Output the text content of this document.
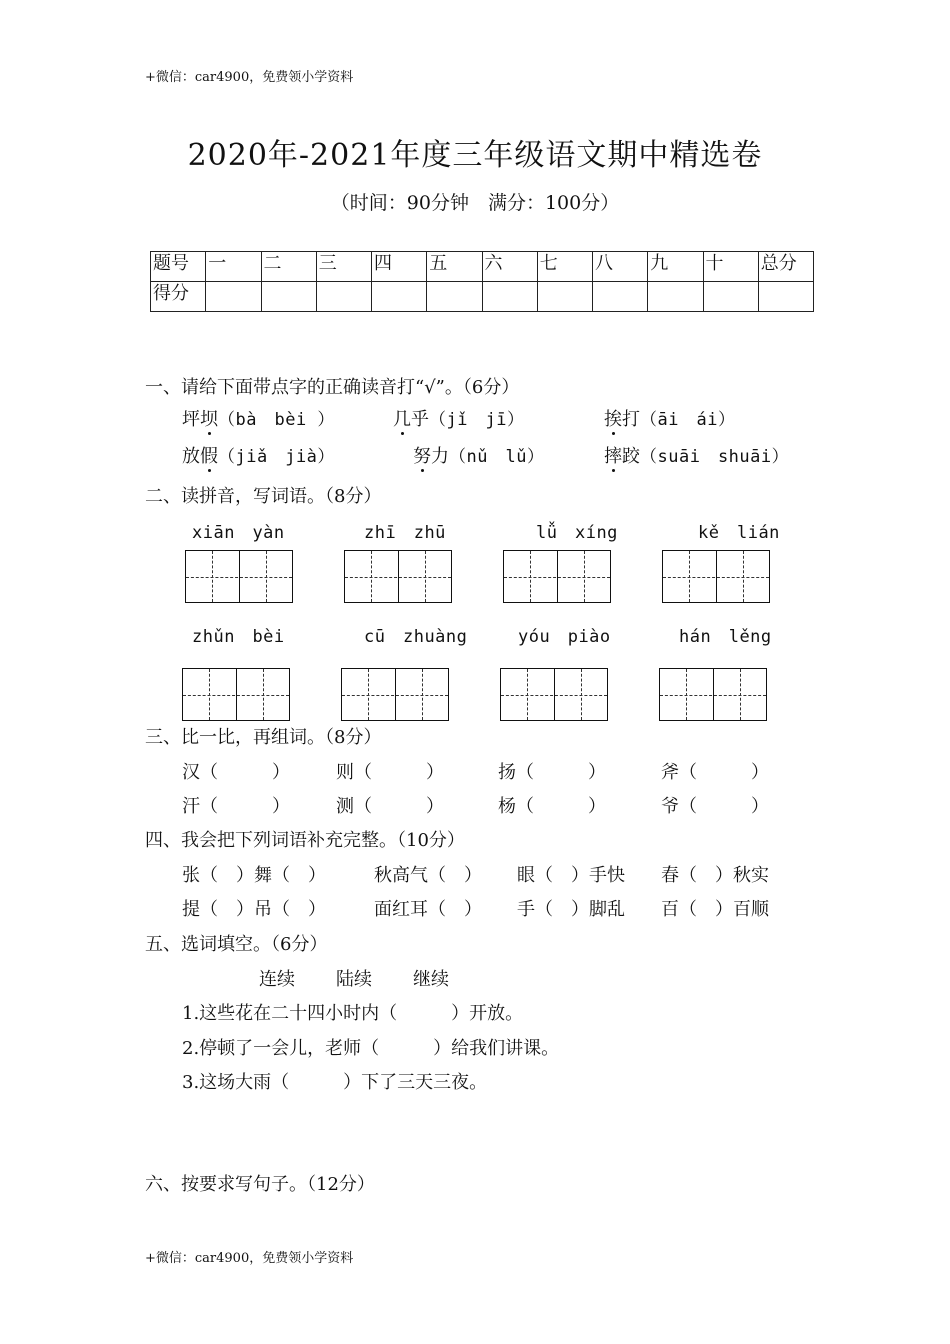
+微信：car4900，免费领小学资料
2020年-2021年度三年级语文期中精选卷
（时间：90分钟　满分：100分）
题号	一	二	三	四	五	六	七	八	九	十	总分
得分											
一、请给下面带点字的正确读音打“√”。（6分）
坪坝（bà　bèi ）	几乎（jǐ　jī）	挨打（āi　ái）
放假（jiǎ　jià）	努力（nǔ　lǔ）	摔跤（suāi　shuāi）
二、读拼音，写词语。（8分）
xiān　yàn	zhī　zhū	lǚ　xíng	kě　lián
zhǔn　bèi	cū　zhuàng	yóu　piào	hán　lěng
三、比一比，再组词。（8分）
汉（　　　）	则（　　　）	扬（　　　）	斧（　　　）
汗（　　　）	测（　　　）	杨（　　　）	爷（　　　）
四、我会把下列词语补充完整。（10分）
张（　）舞（　）	秋高气（　） 眼（　）手快 春（　）秋实
提（　）吊（　）	面红耳（　） 手（　）脚乱 百（　）百顺
五、选词填空。（6分）
连续 陆续 继续
1.这些花在二十四小时内（　　　）开放。
2.停顿了一会儿，老师（　　　）给我们讲课。
3.这场大雨（　　　）下了三天三夜。
六、按要求写句子。（12分）
+微信：car4900，免费领小学资料
